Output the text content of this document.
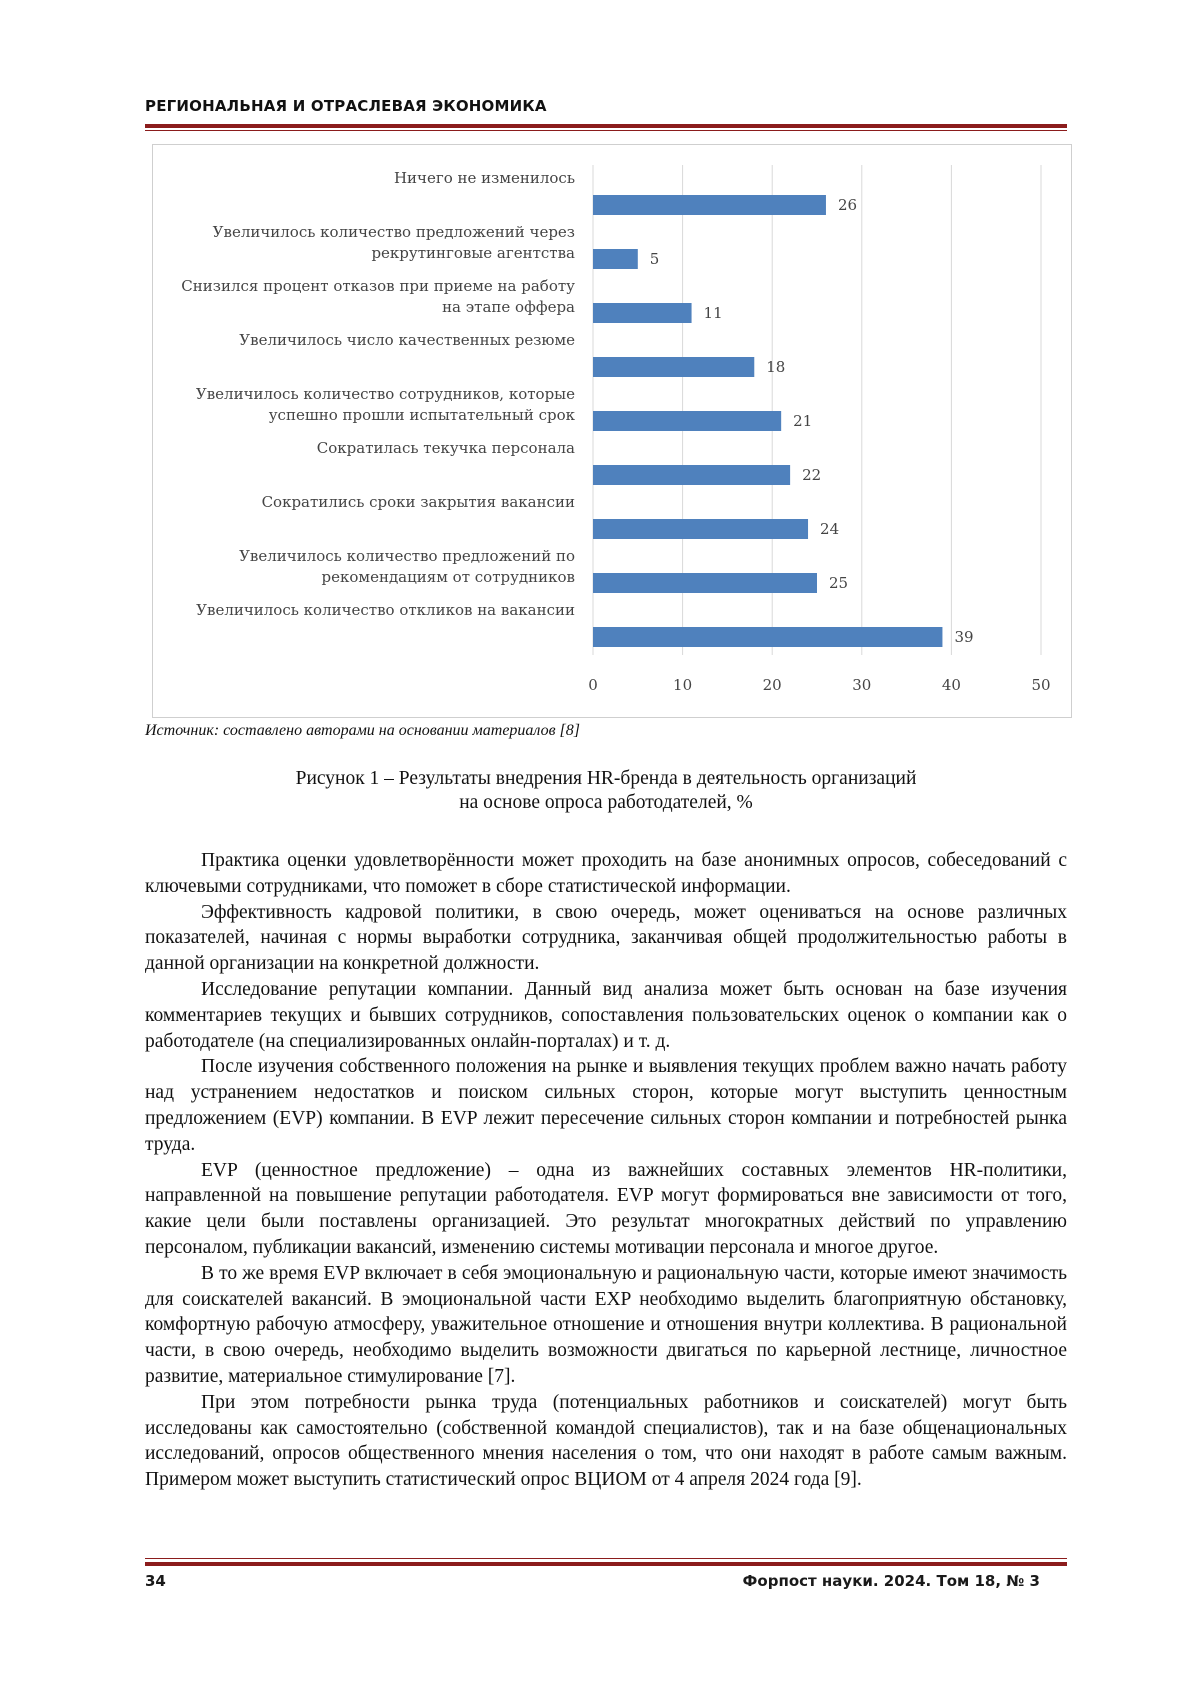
РЕГИОНАЛЬНАЯ И ОТРАСЛЕВАЯ ЭКОНОМИКА
0	10	20	30	40	50
26
5
11
18
21
22
24
25
39
Ничего не изменилось
Увеличилось количество предложений через
рекрутинговые агентства
Снизился процент отказов при приеме на работу
на этапе оффера
Увеличилось число качественных резюме
Увеличилось количество сотрудников, которые
успешно прошли испытательный срок
Сократилась текучка персонала
Сократились сроки закрытия вакансии
Увеличилось количество предложений по
рекомендациям от сотрудников
Увеличилось количество откликов на вакансии
Источник: составлено авторами на основании материалов [8]
Рисунок 1 – Результаты внедрения HR-бренда в деятельность организаций
на основе опроса работодателей, %

Практика оценки удовлетворённости может проходить на базе анонимных опросов, собеседований с ключевыми сотрудниками, что поможет в сборе статистической информации.

Эффективность кадровой политики, в свою очередь, может оцениваться на основе различных показателей, начиная с нормы выработки сотрудника, заканчивая общей продолжительностью работы в данной организации на конкретной должности.

Исследование репутации компании. Данный вид анализа может быть основан на базе изучения комментариев текущих и бывших сотрудников, сопоставления пользовательских оценок о компании как о работодателе (на специализированных онлайн-порталах) и т. д.

После изучения собственного положения на рынке и выявления текущих проблем важно начать работу над устранением недостатков и поиском сильных сторон, которые могут выступить ценностным предложением (EVP) компании. В EVP лежит пересечение сильных сторон компании и потребностей рынка труда.

EVP (ценностное предложение) – одна из важнейших составных элементов HR-политики, направленной на повышение репутации работодателя. EVP могут формироваться вне зависимости от того, какие цели были поставлены организацией. Это результат многократных действий по управлению персоналом, публикации вакансий, изменению системы мотивации персонала и многое другое.

В то же время EVP включает в себя эмоциональную и рациональную части, которые имеют значимость для соискателей вакансий. В эмоциональной части EXP необходимо выделить благоприятную обстановку, комфортную рабочую атмосферу, уважительное отношение и отношения внутри коллектива. В рациональной части, в свою очередь, необходимо выделить возможности двигаться по карьерной лестнице, личностное развитие, материальное стимулирование [7].

При этом потребности рынка труда (потенциальных работников и соискателей) могут быть исследованы как самостоятельно (собственной командой специалистов), так и на базе общенациональных исследований, опросов общественного мнения населения о том, что они находят в работе самым важным. Примером может выступить статистический опрос ВЦИОМ от 4 апреля 2024 года [9].

34	Форпост науки. 2024. Том 18, № 3
